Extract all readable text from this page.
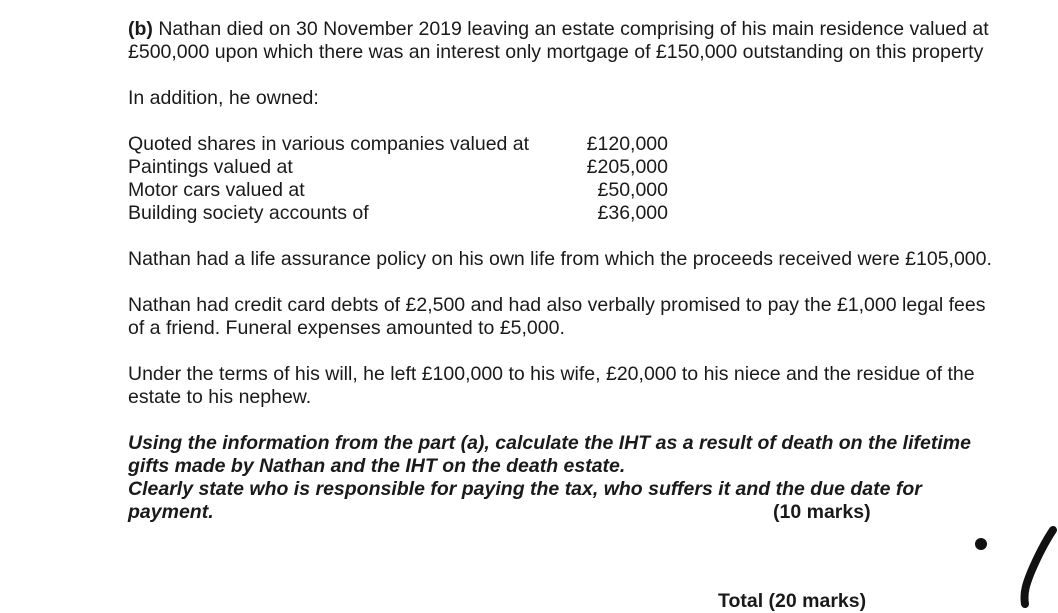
(b) Nathan died on 30 November 2019 leaving an estate comprising of his main residence valued at £500,000 upon which there was an interest only mortgage of £150,000 outstanding on this property

In addition, he owned:

Quoted shares in various companies valued at	£120,000
Paintings valued at	£205,000
Motor cars valued at	£50,000
Building society accounts of	£36,000

Nathan had a life assurance policy on his own life from which the proceeds received were £105,000.

Nathan had credit card debts of £2,500 and had also verbally promised to pay the £1,000 legal fees of a friend. Funeral expenses amounted to £5,000.

Under the terms of his will, he left £100,000 to his wife, £20,000 to his niece and the residue of the estate to his nephew.

Using the information from the part (a), calculate the IHT as a result of death on the lifetime gifts made by Nathan and the IHT on the death estate.
Clearly state who is responsible for paying the tax, who suffers it and the due date for payment.	(10 marks)
Total (20 marks)
